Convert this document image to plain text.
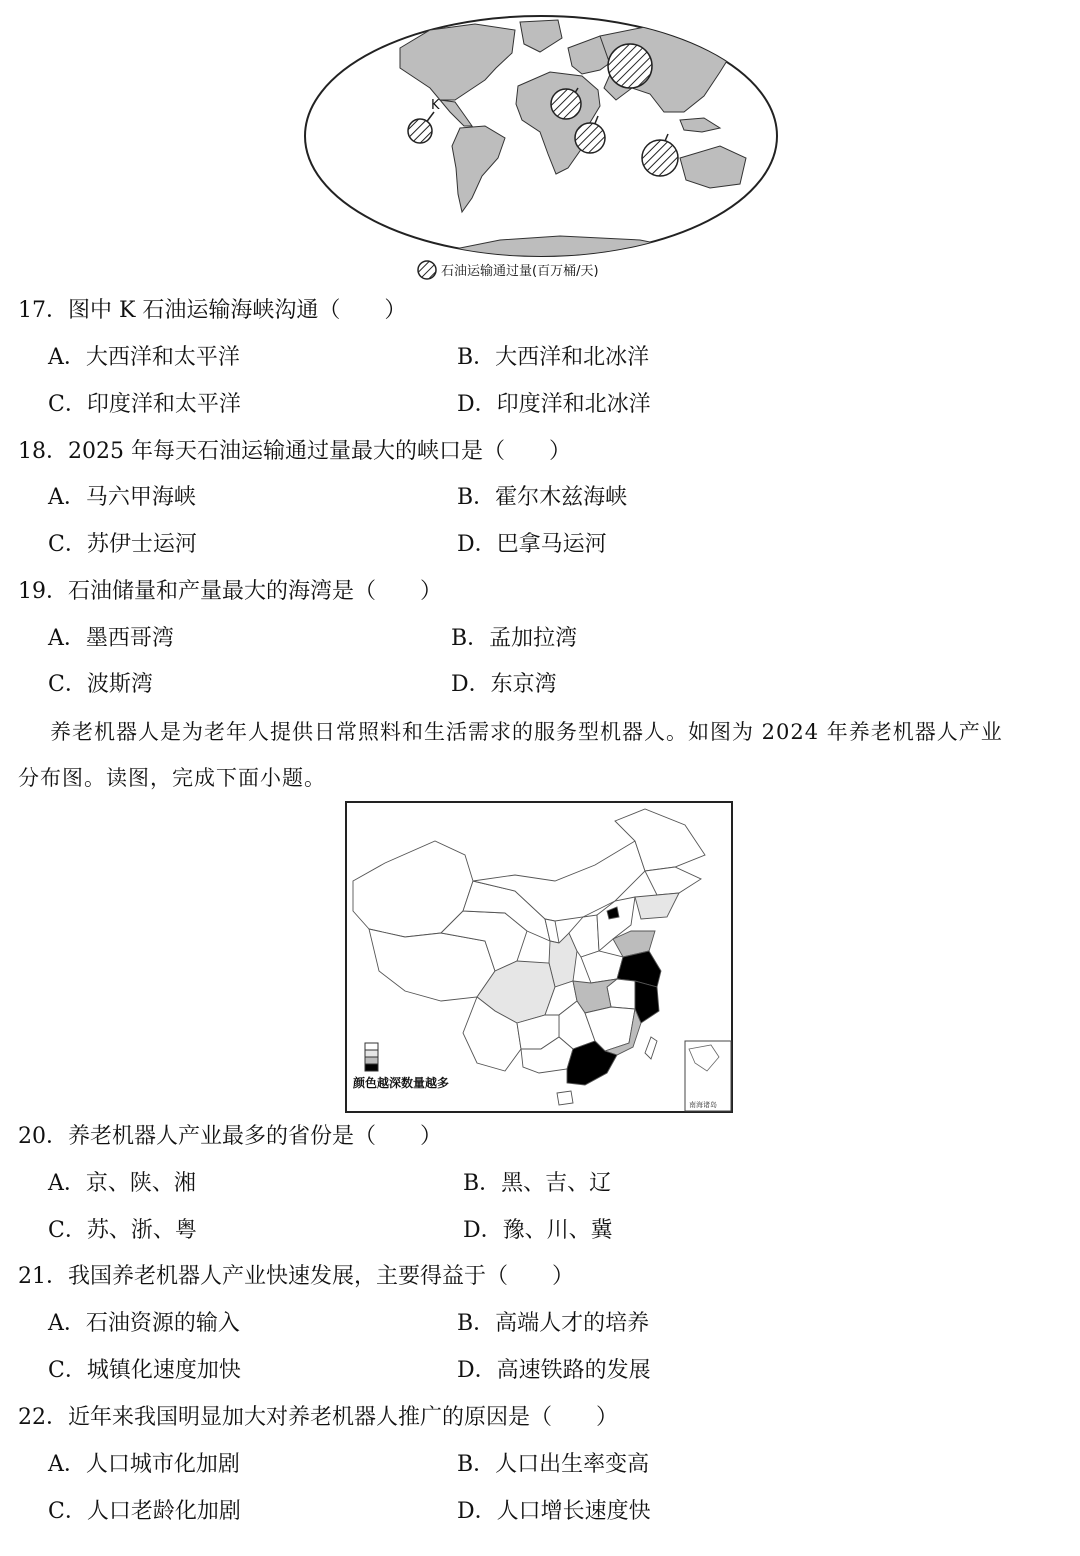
K
石油运输通过量(百万桶/天)
17．图中 K 石油运输海峡沟通（　　）
A．大西洋和太平洋	B．大西洋和北冰洋
C．印度洋和太平洋	D．印度洋和北冰洋
18．2025 年每天石油运输通过量最大的峡口是（　　）
A．马六甲海峡	B．霍尔木兹海峡
C．苏伊士运河	D．巴拿马运河
19．石油储量和产量最大的海湾是（　　）
A．墨西哥湾	B．孟加拉湾
C．波斯湾	D．东京湾
养老机器人是为老年人提供日常照料和生活需求的服务型机器人。如图为 2024 年养老机器人产业
分布图。读图，完成下面小题。
南海诸岛
颜色越深数量越多
20．养老机器人产业最多的省份是（　　）
A．京、陕、湘	B．黑、吉、辽
C．苏、浙、粤	D．豫、川、冀
21．我国养老机器人产业快速发展，主要得益于（　　）
A．石油资源的输入	B．高端人才的培养
C．城镇化速度加快	D．高速铁路的发展
22．近年来我国明显加大对养老机器人推广的原因是（　　）
A．人口城市化加剧	B．人口出生率变高
C．人口老龄化加剧	D．人口增长速度快
